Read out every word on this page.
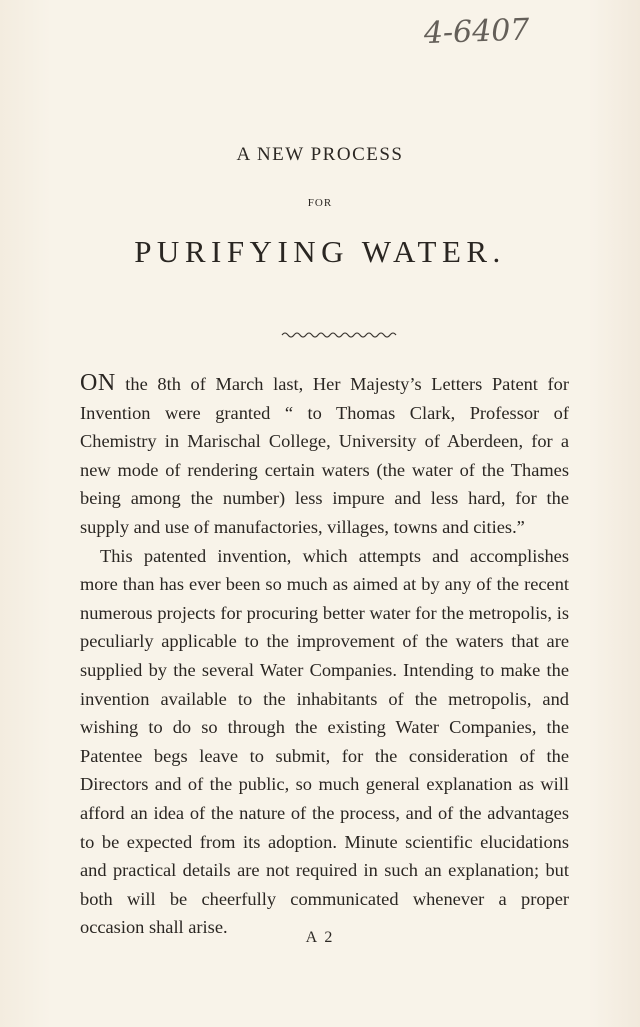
4-6407
A NEW PROCESS
FOR
PURIFYING WATER.

ON the 8th of March last, Her Majesty’s Letters Patent for Invention were granted “ to Thomas Clark, Professor of Chemistry in Marischal College, University of Aberdeen, for a new mode of rendering certain waters (the water of the Thames being among the number) less impure and less hard, for the supply and use of manufactories, villages, towns and cities.”

This patented invention, which attempts and accomplishes more than has ever been so much as aimed at by any of the recent numerous projects for procuring better water for the metropolis, is peculiarly applicable to the improvement of the waters that are supplied by the several Water Companies. Intending to make the invention available to the inhabitants of the metropolis, and wishing to do so through the existing Water Companies, the Patentee begs leave to submit, for the consideration of the Directors and of the public, so much general explanation as will afford an idea of the nature of the process, and of the advantages to be expected from its adoption. Minute scientific elucidations and practical details are not required in such an explanation; but both will be cheerfully communicated whenever a proper occasion shall arise.

A 2
